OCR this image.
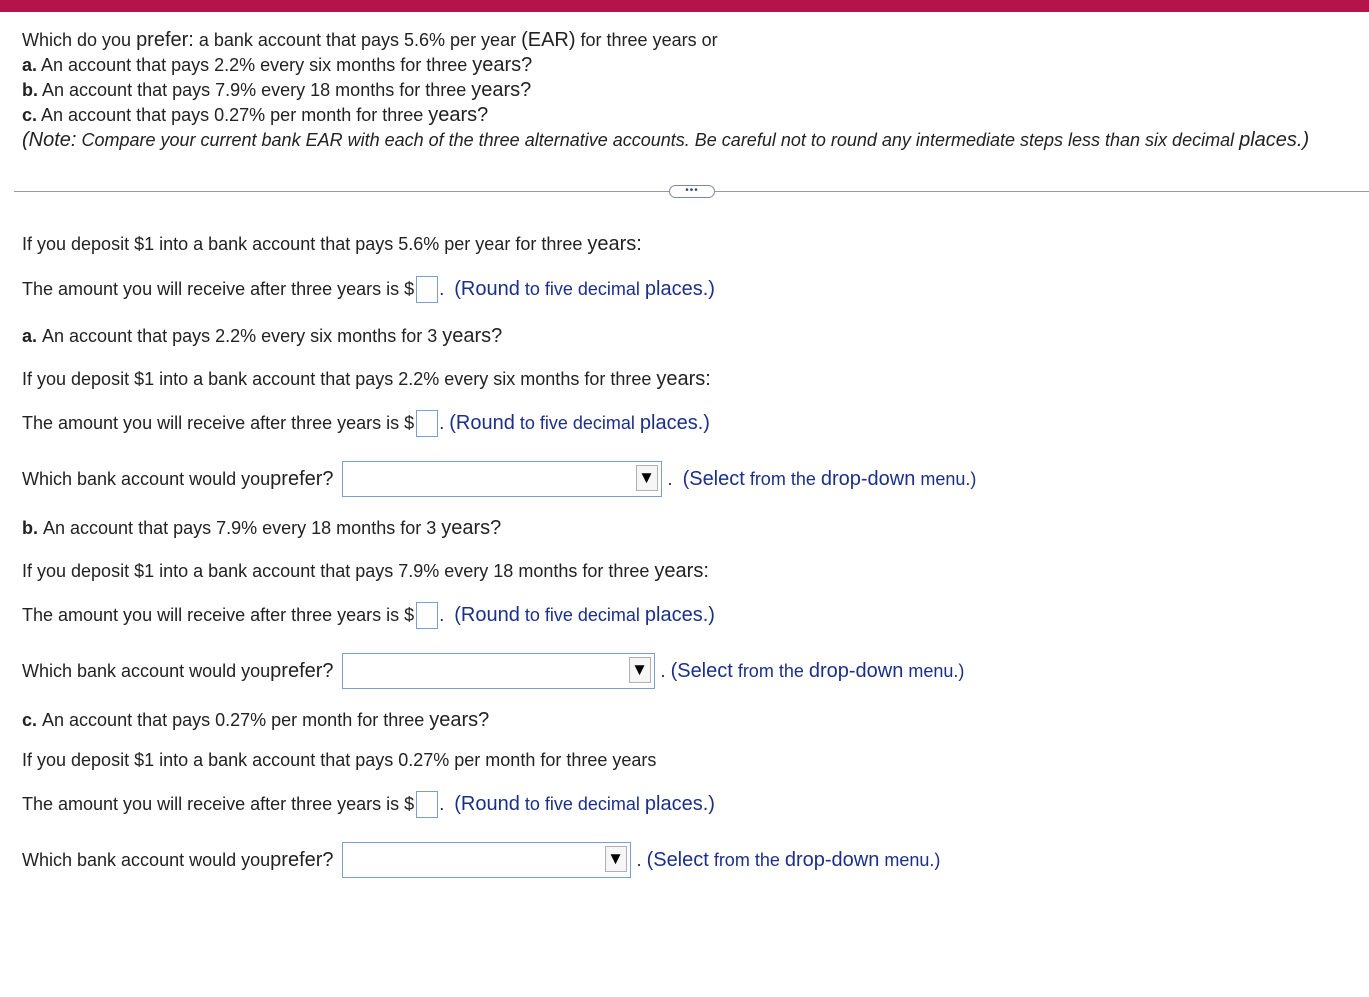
Which do you prefer: a bank account that pays 5.6% per year (EAR) for three years or
a. An account that pays 2.2% every six months for three years?
b. An account that pays 7.9% every 18 months for three years?
c. An account that pays 0.27% per month for three years?
(Note: Compare your current bank EAR with each of the three alternative accounts. Be careful not to round any intermediate steps less than six decimal places.)
•••
If you deposit $1 into a bank account that pays 5.6% per year for three
years:
The amount you will receive after three years is $ .
(Round to five decimal places.)
a. An account that pays 2.2% every six months for 3
years?
If you deposit $1 into a bank account that pays 2.2% every six months for three
years:
The amount you will receive after three years is $ .
(Round to five decimal places.)
Which bank account would you prefer?	▼ .
(Select from the drop-down menu.)
b. An account that pays 7.9% every 18 months for 3
years?
If you deposit $1 into a bank account that pays 7.9% every 18 months for three
years:
The amount you will receive after three years is $ .
(Round to five decimal places.)
Which bank account would you prefer?	▼ .
(Select from the drop-down menu.)
c. An account that pays 0.27% per month for three
years?
If you deposit $1 into a bank account that pays 0.27% per month for three years
The amount you will receive after three years is $ .
(Round to five decimal places.)
Which bank account would you prefer?	▼ .
(Select from the drop-down menu.)
